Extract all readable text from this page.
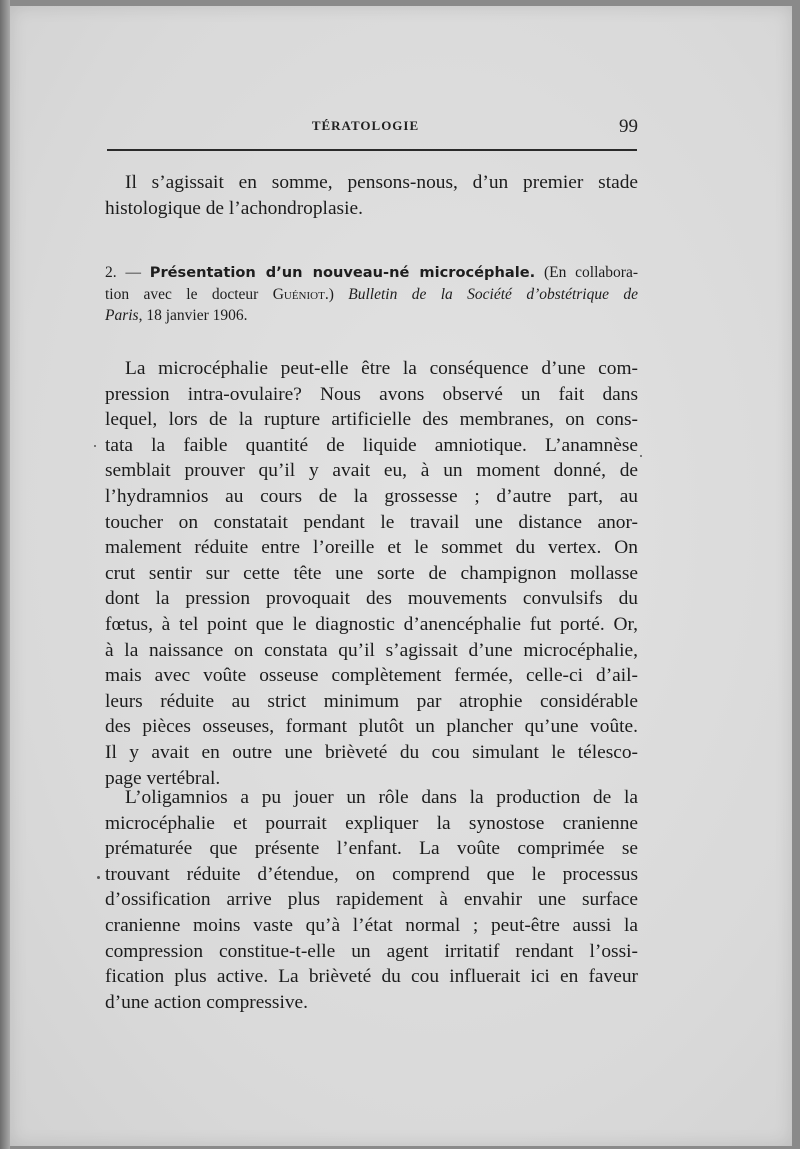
TÉRATOLOGIE	99
Il s’agissait en somme, pensons-nous, d’un premier stade
histologique de l’achondroplasie.
2. — Présentation d’un nouveau-né microcéphale. (En collabora-
tion avec le docteur Guéniot.) Bulletin de la Société d’obstétrique de
Paris, 18 janvier 1906.
La microcéphalie peut-elle être la conséquence d’une com-
pression intra-ovulaire? Nous avons observé un fait dans
lequel, lors de la rupture artificielle des membranes, on cons-
tata la faible quantité de liquide amniotique. L’anamnèse
semblait prouver qu’il y avait eu, à un moment donné, de
l’hydramnios au cours de la grossesse ; d’autre part, au
toucher on constatait pendant le travail une distance anor-
malement réduite entre l’oreille et le sommet du vertex. On
crut sentir sur cette tête une sorte de champignon mollasse
dont la pression provoquait des mouvements convulsifs du
fœtus, à tel point que le diagnostic d’anencéphalie fut porté. Or,
à la naissance on constata qu’il s’agissait d’une microcéphalie,
mais avec voûte osseuse complètement fermée, celle-ci d’ail-
leurs réduite au strict minimum par atrophie considérable
des pièces osseuses, formant plutôt un plancher qu’une voûte.
Il y avait en outre une brièveté du cou simulant le télesco-
page vertébral.
L’oligamnios a pu jouer un rôle dans la production de la
microcéphalie et pourrait expliquer la synostose cranienne
prématurée que présente l’enfant. La voûte comprimée se
trouvant réduite d’étendue, on comprend que le processus
d’ossification arrive plus rapidement à envahir une surface
cranienne moins vaste qu’à l’état normal ; peut-être aussi la
compression constitue-t-elle un agent irritatif rendant l’ossi-
fication plus active. La brièveté du cou influerait ici en faveur
d’une action compressive.
